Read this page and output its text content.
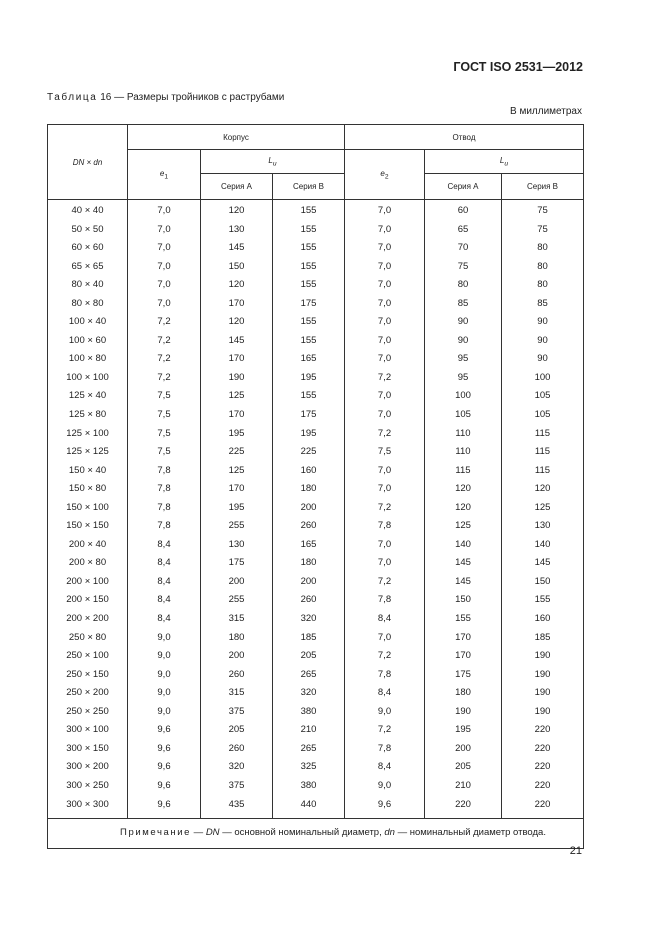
ГОСТ ISO 2531—2012
Таблица 16 — Размеры тройников с раструбами
В миллиметрах
DN × dn	Корпус			Отвод		
	$e_1$	$L_u$		$e_2$	$L_u$
		Серия А	Серия В		Серия А	Серия В
40 × 40	7,0	120	155	7,0	60	75
50 × 50	7,0	130	155	7,0	65	75
60 × 60	7,0	145	155	7,0	70	80
65 × 65	7,0	150	155	7,0	75	80
80 × 40	7,0	120	155	7,0	80	80
80 × 80	7,0	170	175	7,0	85	85
100 × 40	7,2	120	155	7,0	90	90
100 × 60	7,2	145	155	7,0	90	90
100 × 80	7,2	170	165	7,0	95	90
100 × 100	7,2	190	195	7,2	95	100
125 × 40	7,5	125	155	7,0	100	105
125 × 80	7,5	170	175	7,0	105	105
125 × 100	7,5	195	195	7,2	110	115
125 × 125	7,5	225	225	7,5	110	115
150 × 40	7,8	125	160	7,0	115	115
150 × 80	7,8	170	180	7,0	120	120
150 × 100	7,8	195	200	7,2	120	125
150 × 150	7,8	255	260	7,8	125	130
200 × 40	8,4	130	165	7,0	140	140
200 × 80	8,4	175	180	7,0	145	145
200 × 100	8,4	200	200	7,2	145	150
200 × 150	8,4	255	260	7,8	150	155
200 × 200	8,4	315	320	8,4	155	160
250 × 80	9,0	180	185	7,0	170	185
250 × 100	9,0	200	205	7,2	170	190
250 × 150	9,0	260	265	7,8	175	190
250 × 200	9,0	315	320	8,4	180	190
250 × 250	9,0	375	380	9,0	190	190
300 × 100	9,6	205	210	7,2	195	220
300 × 150	9,6	260	265	7,8	200	220
300 × 200	9,6	320	325	8,4	205	220
300 × 250	9,6	375	380	9,0	210	220
300 × 300	9,6	435	440	9,6	220	220
Примечание — DN — основной номинальный диаметр, dn — номинальный диаметр отвода.						
21
